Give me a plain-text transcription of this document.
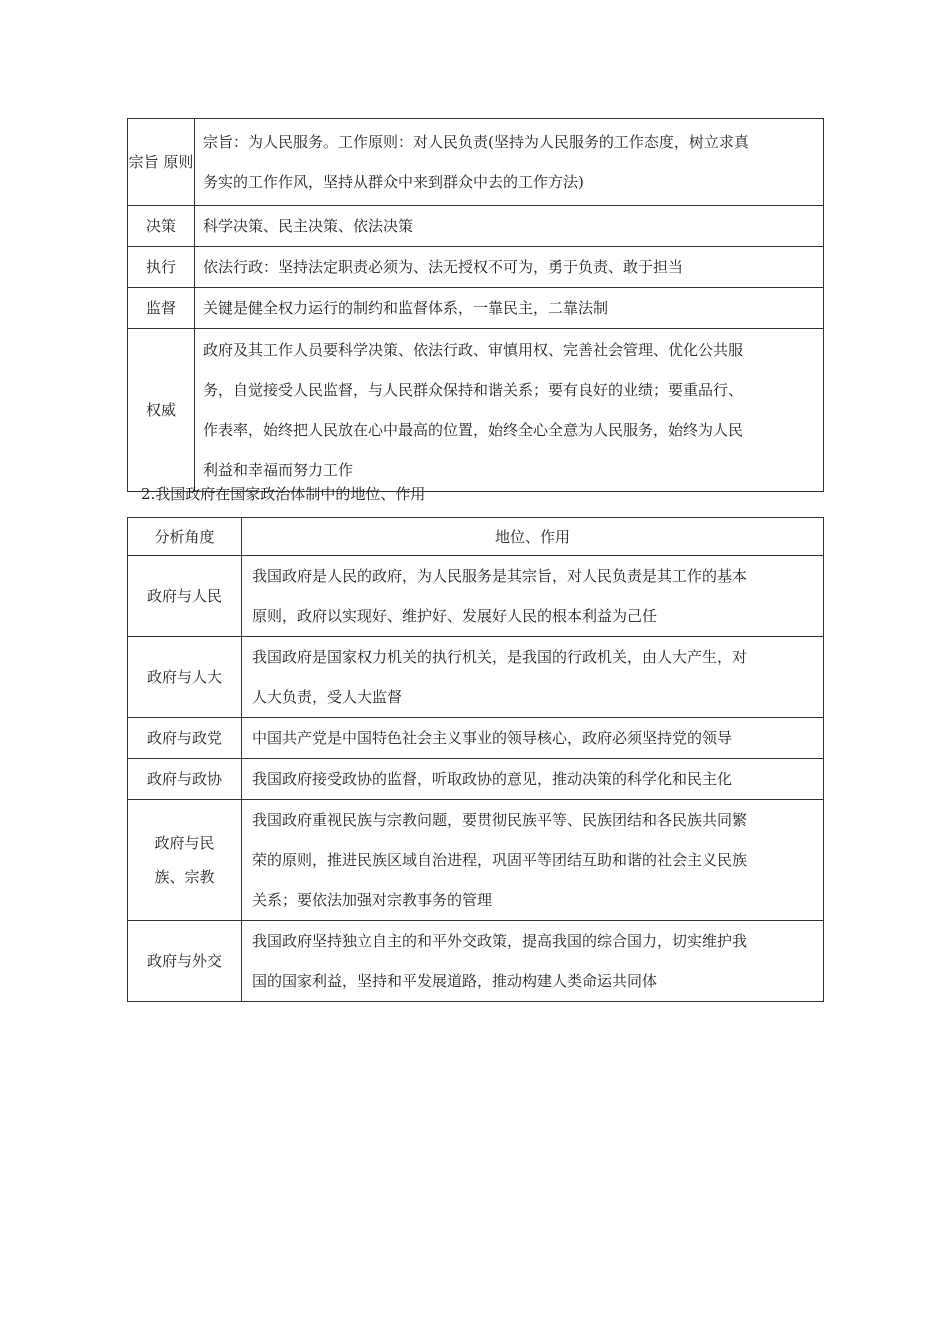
宗旨 原则	宗旨：为人民服务。工作原则：对人民负责(坚持为人民服务的工作态度，树立求真
务实的工作作风，坚持从群众中来到群众中去的工作方法)

决策	科学决策、民主决策、依法决策

执行	依法行政：坚持法定职责必须为、法无授权不可为，勇于负责、敢于担当

监督	关键是健全权力运行的制约和监督体系，一靠民主，二靠法制

权威	政府及其工作人员要科学决策、依法行政、审慎用权、完善社会管理、优化公共服
务，自觉接受人民监督，与人民群众保持和谐关系；要有良好的业绩；要重品行、
作表率，始终把人民放在心中最高的位置，始终全心全意为人民服务，始终为人民
利益和幸福而努力工作
2.我国政府在国家政治体制中的地位、作用
分析角度	地位、作用

政府与人民	我国政府是人民的政府，为人民服务是其宗旨，对人民负责是其工作的基本
原则，政府以实现好、维护好、发展好人民的根本利益为己任

政府与人大	我国政府是国家权力机关的执行机关，是我国的行政机关，由人大产生，对
人大负责，受人大监督

政府与政党	中国共产党是中国特色社会主义事业的领导核心，政府必须坚持党的领导

政府与政协	我国政府接受政协的监督，听取政协的意见，推动决策的科学化和民主化

政府与民
族、宗教	我国政府重视民族与宗教问题，要贯彻民族平等、民族团结和各民族共同繁
荣的原则，推进民族区域自治进程，巩固平等团结互助和谐的社会主义民族
关系；要依法加强对宗教事务的管理

政府与外交	我国政府坚持独立自主的和平外交政策，提高我国的综合国力，切实维护我
国的国家利益，坚持和平发展道路，推动构建人类命运共同体
